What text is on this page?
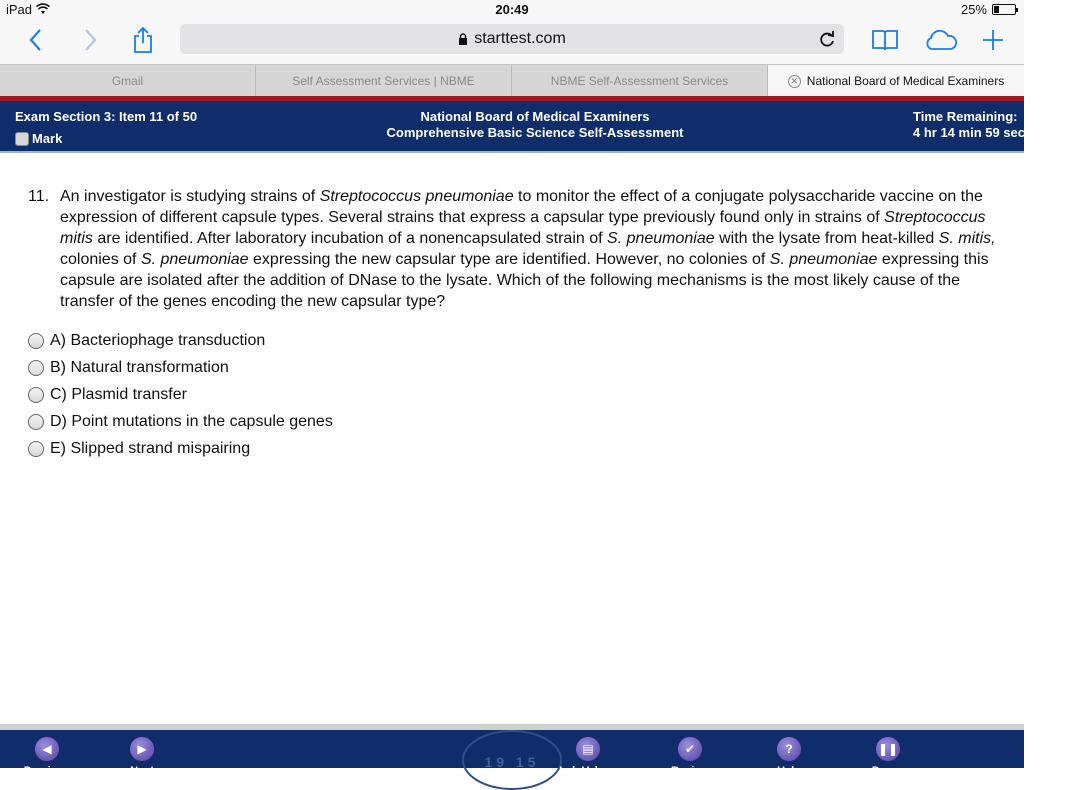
iPad	20:49	25%
starttest.com
Gmail	Self Assessment Services | NBME	NBME Self-Assessment Services	✕ National Board of Medical Examiners
Exam Section 3: Item 11 of 50
Mark
National Board of Medical Examiners
Comprehensive Basic Science Self-Assessment
Time Remaining:
4 hr 14 min 59 sec
11. An investigator is studying strains of Streptococcus pneumoniae to monitor the effect of a conjugate polysaccharide vaccine on the expression of different capsule types. Several strains that express a capsular type previously found only in strains of Streptococcus mitis are identified. After laboratory incubation of a nonencapsulated strain of S. pneumoniae with the lysate from heat-killed S. mitis, colonies of S. pneumoniae expressing the new capsular type are identified. However, no colonies of S. pneumoniae expressing this capsule are isolated after the addition of DNase to the lysate. Which of the following mechanisms is the most likely cause of the transfer of the genes encoding the new capsular type?
A) Bacteriophage transduction
B) Natural transformation
C) Plasmid transfer
D) Point mutations in the capsule genes
E) Slipped strand mispairing
19 15
◀
Previous
▶
Next
▤
Lab Values
✔
Review
?
Help
❚❚
Pause
